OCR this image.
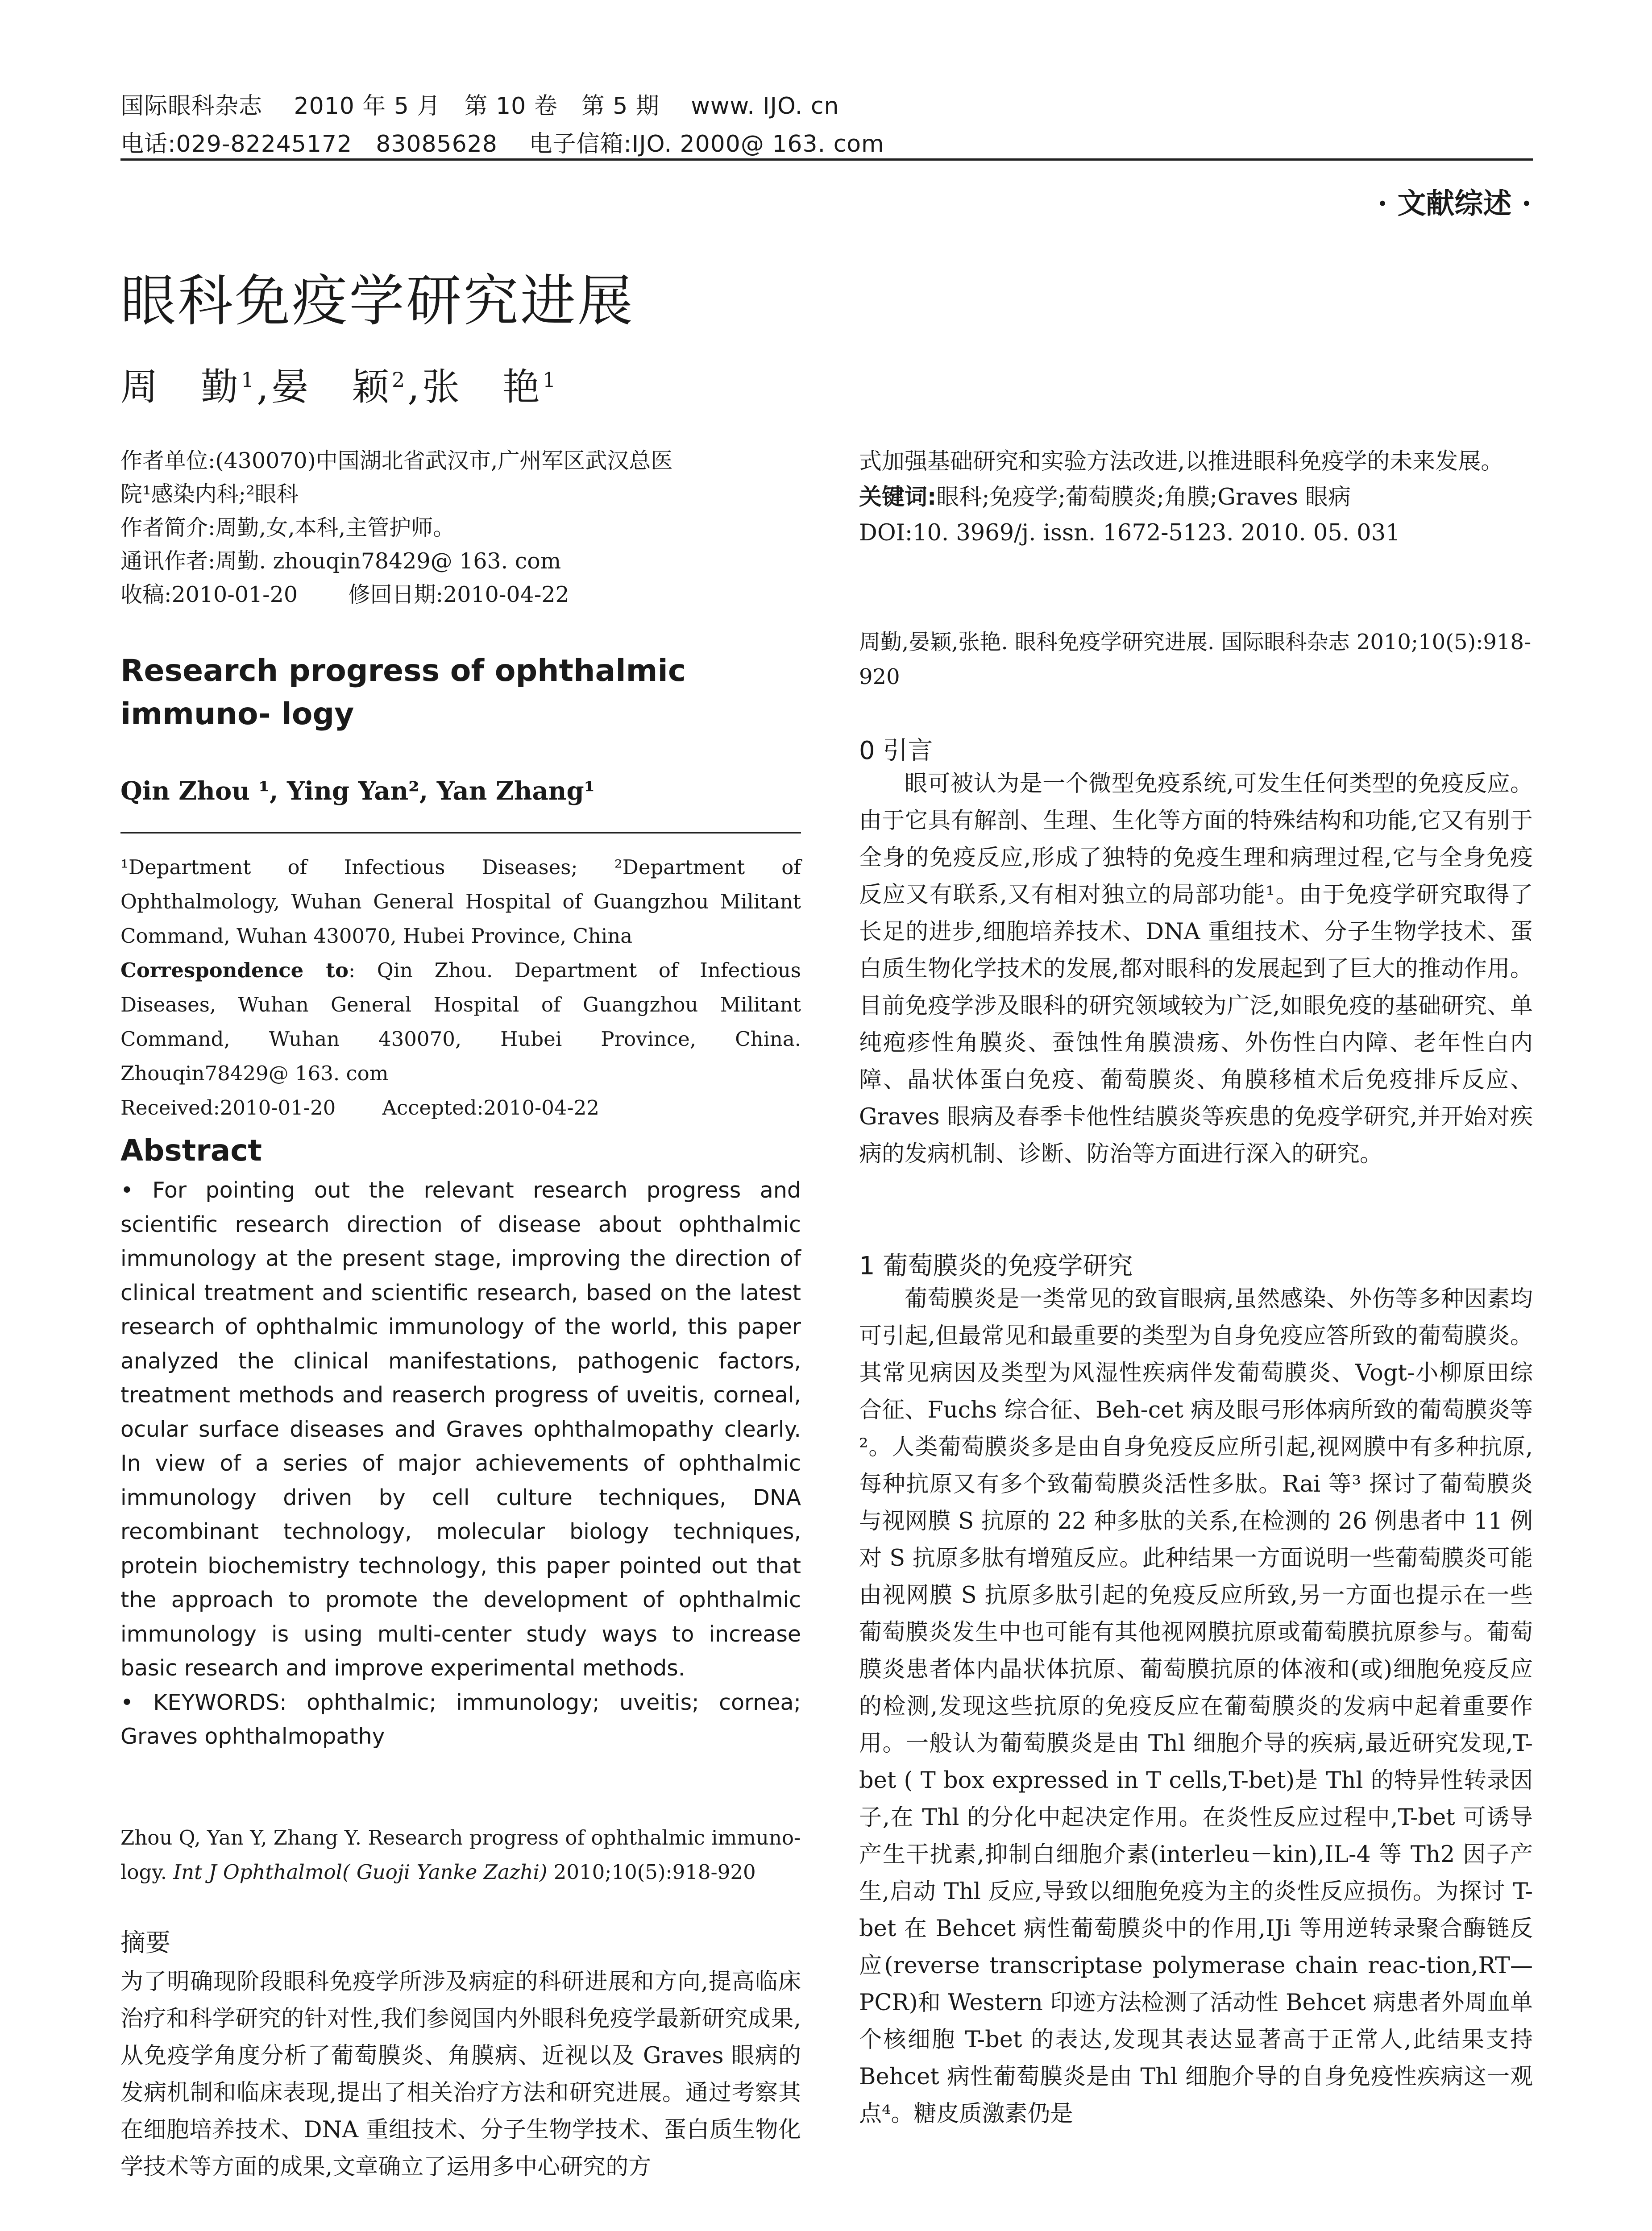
国际眼科杂志　 2010 年 5 月　第 10 卷　第 5 期　 www. IJO. cn
电话:029-82245172　83085628　 电子信箱:IJO. 2000@ 163. com
· 文献综述 ·
眼科免疫学研究进展
周　勤$^1$,晏　颖$^2$,张　艳$^1$
作者单位:(430070)中国湖北省武汉市,广州军区武汉总医
院¹感染内科;²眼科
作者简介:周勤,女,本科,主管护师。
通讯作者:周勤. zhouqin78429@ 163. com
收稿:2010-01-20　　 修回日期:2010-04-22
Research progress of ophthalmic immuno- logy
Qin Zhou ¹, Ying Yan², Yan Zhang¹
¹Department of Infectious Diseases; ²Department of Ophthalmology, Wuhan General Hospital of Guangzhou Militant Command, Wuhan 430070, Hubei Province, China
Correspondence to: Qin Zhou. Department of Infectious Diseases, Wuhan General Hospital of Guangzhou Militant Command, Wuhan 430070, Hubei Province, China. Zhouqin78429@ 163. com
Received:2010-01-20　　 Accepted:2010-04-22
Abstract
• For pointing out the relevant research progress and scientific research direction of disease about ophthalmic immunology at the present stage, improving the direction of clinical treatment and scientific research, based on the latest research of ophthalmic immunology of the world, this paper analyzed the clinical manifestations, pathogenic factors, treatment methods and reaserch progress of uveitis, corneal, ocular surface diseases and Graves ophthalmopathy clearly. In view of a series of major achievements of ophthalmic immunology driven by cell culture techniques, DNA recombinant technology, molecular biology techniques, protein biochemistry technology, this paper pointed out that the approach to promote the development of ophthalmic immunology is using multi-center study ways to increase basic research and improve experimental methods.
• KEYWORDS: ophthalmic; immunology; uveitis; cornea; Graves ophthalmopathy
Zhou Q, Yan Y, Zhang Y. Research progress of ophthalmic immuno-logy. Int J Ophthalmol( Guoji Yanke Zazhi) 2010;10(5):918-920
摘要
为了明确现阶段眼科免疫学所涉及病症的科研进展和方向,提高临床治疗和科学研究的针对性,我们参阅国内外眼科免疫学最新研究成果,从免疫学角度分析了葡萄膜炎、角膜病、近视以及 Graves 眼病的发病机制和临床表现,提出了相关治疗方法和研究进展。通过考察其在细胞培养技术、DNA 重组技术、分子生物学技术、蛋白质生物化学技术等方面的成果,文章确立了运用多中心研究的方
式加强基础研究和实验方法改进,以推进眼科免疫学的未来发展。
关键词:眼科;免疫学;葡萄膜炎;角膜;Graves 眼病
DOI:10. 3969/j. issn. 1672-5123. 2010. 05. 031
周勤,晏颖,张艳. 眼科免疫学研究进展. 国际眼科杂志 2010;10(5):918-920
0 引言

眼可被认为是一个微型免疫系统,可发生任何类型的免疫反应。由于它具有解剖、生理、生化等方面的特殊结构和功能,它又有别于全身的免疫反应,形成了独特的免疫生理和病理过程,它与全身免疫反应又有联系,又有相对独立的局部功能¹。由于免疫学研究取得了长足的进步,细胞培养技术、DNA 重组技术、分子生物学技术、蛋白质生物化学技术的发展,都对眼科的发展起到了巨大的推动作用。目前免疫学涉及眼科的研究领域较为广泛,如眼免疫的基础研究、单纯疱疹性角膜炎、蚕蚀性角膜溃疡、外伤性白内障、老年性白内障、晶状体蛋白免疫、葡萄膜炎、角膜移植术后免疫排斥反应、Graves 眼病及春季卡他性结膜炎等疾患的免疫学研究,并开始对疾病的发病机制、诊断、防治等方面进行深入的研究。

1 葡萄膜炎的免疫学研究

葡萄膜炎是一类常见的致盲眼病,虽然感染、外伤等多种因素均可引起,但最常见和最重要的类型为自身免疫应答所致的葡萄膜炎。其常见病因及类型为风湿性疾病伴发葡萄膜炎、Vogt-小柳原田综合征、Fuchs 综合征、Beh-cet 病及眼弓形体病所致的葡萄膜炎等²。人类葡萄膜炎多是由自身免疫反应所引起,视网膜中有多种抗原,每种抗原又有多个致葡萄膜炎活性多肽。Rai 等³ 探讨了葡萄膜炎与视网膜 S 抗原的 22 种多肽的关系,在检测的 26 例患者中 11 例对 S 抗原多肽有增殖反应。此种结果一方面说明一些葡萄膜炎可能由视网膜 S 抗原多肽引起的免疫反应所致,另一方面也提示在一些葡萄膜炎发生中也可能有其他视网膜抗原或葡萄膜抗原参与。葡萄膜炎患者体内晶状体抗原、葡萄膜抗原的体液和(或)细胞免疫反应的检测,发现这些抗原的免疫反应在葡萄膜炎的发病中起着重要作用。一般认为葡萄膜炎是由 Thl 细胞介导的疾病,最近研究发现,T-bet ( T box expressed in T cells,T-bet)是 Thl 的特异性转录因子,在 Thl 的分化中起决定作用。在炎性反应过程中,T-bet 可诱导产生干扰素,抑制白细胞介素(interleu－kin),IL-4 等 Th2 因子产生,启动 Thl 反应,导致以细胞免疫为主的炎性反应损伤。为探讨 T-bet 在 Behcet 病性葡萄膜炎中的作用,IJi 等用逆转录聚合酶链反应(reverse transcriptase polymerase chain reac-tion,RT—PCR)和 Western 印迹方法检测了活动性 Behcet 病患者外周血单个核细胞 T-bet 的表达,发现其表达显著高于正常人,此结果支持 Behcet 病性葡萄膜炎是由 Thl 细胞介导的自身免疫性疾病这一观点⁴。糖皮质激素仍是
